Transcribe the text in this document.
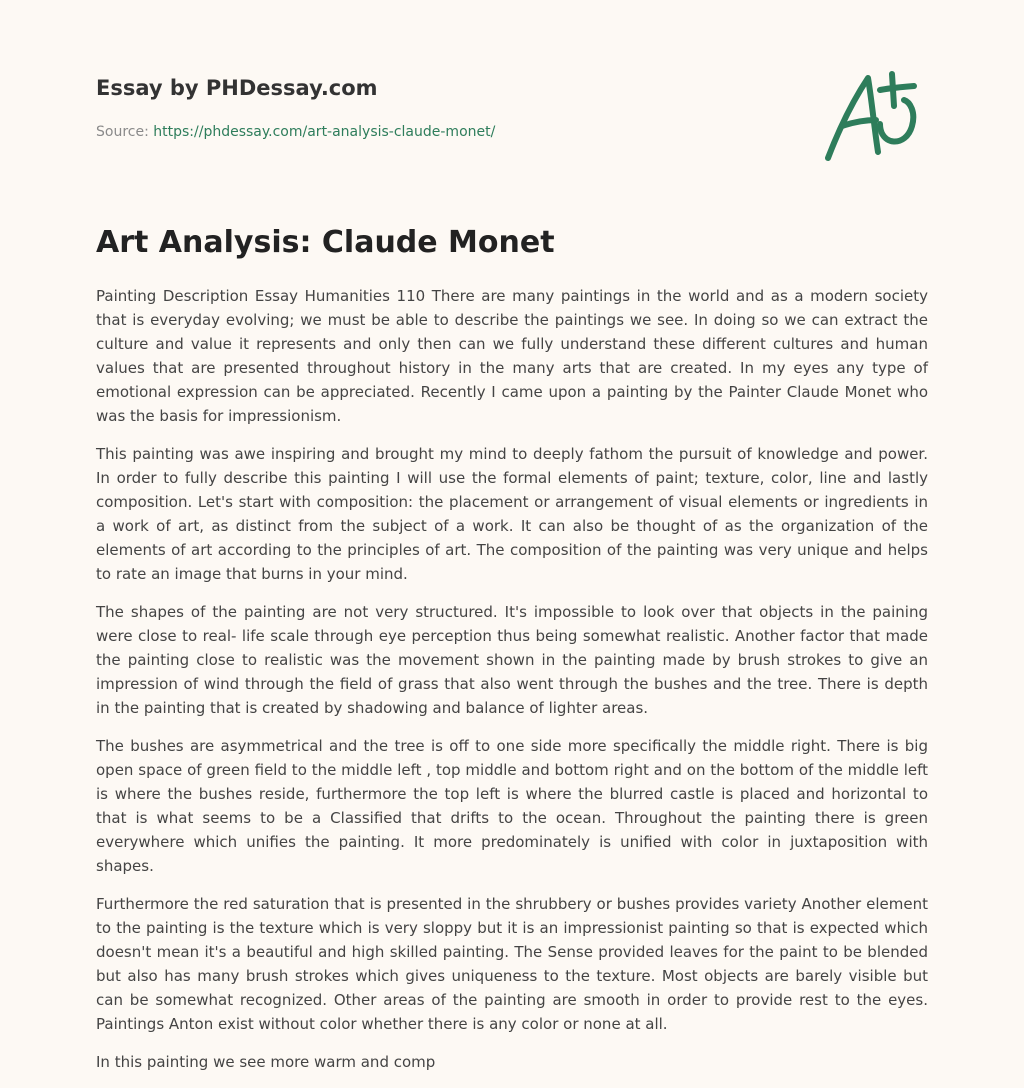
Essay by PHDessay.com
Source: https://phdessay.com/art-analysis-claude-monet/
Art Analysis: Claude Monet

Painting Description Essay Humanities 110 There are many paintings in the world and as a modern society that is everyday evolving; we must be able to describe the paintings we see. In doing so we can extract the culture and value it represents and only then can we fully understand these different cultures and human values that are presented throughout history in the many arts that are created. In my eyes any type of emotional expression can be appreciated. Recently I came upon a painting by the Painter Claude Monet who was the basis for impressionism.

This painting was awe inspiring and brought my mind to deeply fathom the pursuit of knowledge and power. In order to fully describe this painting I will use the formal elements of paint; texture, color, line and lastly composition. Let's start with composition: the placement or arrangement of visual elements or ingredients in a work of art, as distinct from the subject of a work. It can also be thought of as the organization of the elements of art according to the principles of art. The composition of the painting was very unique and helps to rate an image that burns in your mind.

The shapes of the painting are not very structured. It's impossible to look over that objects in the paining were close to real- life scale through eye perception thus being somewhat realistic. Another factor that made the painting close to realistic was the movement shown in the painting made by brush strokes to give an impression of wind through the field of grass that also went through the bushes and the tree. There is depth in the painting that is created by shadowing and balance of lighter areas.

The bushes are asymmetrical and the tree is off to one side more specifically the middle right. There is big open space of green field to the middle left , top middle and bottom right and on the bottom of the middle left is where the bushes reside, furthermore the top left is where the blurred castle is placed and horizontal to that is what seems to be a Classified that drifts to the ocean. Throughout the painting there is green everywhere which unifies the painting. It more predominately is unified with color in juxtaposition with shapes.

Furthermore the red saturation that is presented in the shrubbery or bushes provides variety Another element to the painting is the texture which is very sloppy but it is an impressionist painting so that is expected which doesn't mean it's a beautiful and high skilled painting. The Sense provided leaves for the paint to be blended but also has many brush strokes which gives uniqueness to the texture. Most objects are barely visible but can be somewhat recognized. Other areas of the painting are smooth in order to provide rest to the eyes. Paintings Anton exist without color whether there is any color or none at all.

In this painting we see more warm and comp
